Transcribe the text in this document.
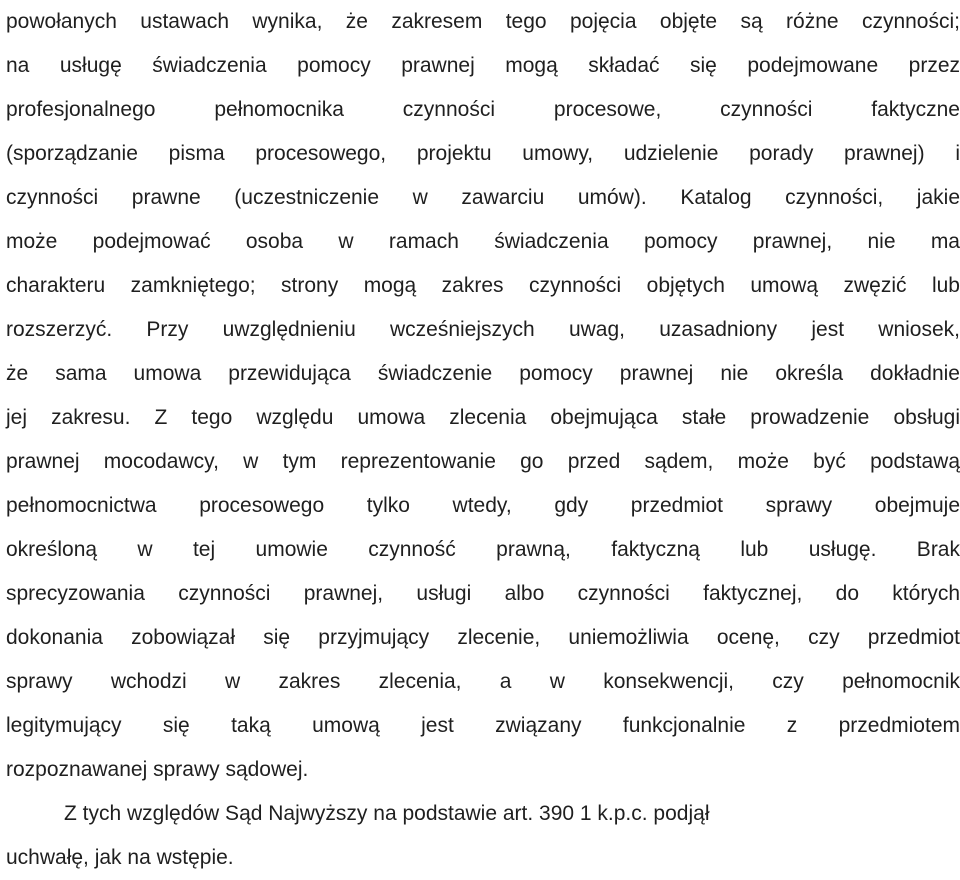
powołanych ustawach wynika, że zakresem tego pojęcia objęte są różne czynności;
na usługę świadczenia pomocy prawnej mogą składać się podejmowane przez
profesjonalnego pełnomocnika czynności procesowe, czynności faktyczne
(sporządzanie pisma procesowego, projektu umowy, udzielenie porady prawnej) i
czynności prawne (uczestniczenie w zawarciu umów). Katalog czynności, jakie
może podejmować osoba w ramach świadczenia pomocy prawnej, nie ma
charakteru zamkniętego; strony mogą zakres czynności objętych umową zwęzić lub
rozszerzyć. Przy uwzględnieniu wcześniejszych uwag, uzasadniony jest wniosek,
że sama umowa przewidująca świadczenie pomocy prawnej nie określa dokładnie
jej zakresu. Z tego względu umowa zlecenia obejmująca stałe prowadzenie obsługi
prawnej mocodawcy, w tym reprezentowanie go przed sądem, może być podstawą
pełnomocnictwa procesowego tylko wtedy, gdy przedmiot sprawy obejmuje
określoną w tej umowie czynność prawną, faktyczną lub usługę. Brak
sprecyzowania czynności prawnej, usługi albo czynności faktycznej, do których
dokonania zobowiązał się przyjmujący zlecenie, uniemożliwia ocenę, czy przedmiot
sprawy wchodzi w zakres zlecenia, a w konsekwencji, czy pełnomocnik
legitymujący się taką umową jest związany funkcjonalnie z przedmiotem
rozpoznawanej sprawy sądowej.
Z tych względów Sąd Najwyższy na podstawie art. 390 1 k.p.c. podjął
uchwałę, jak na wstępie.
